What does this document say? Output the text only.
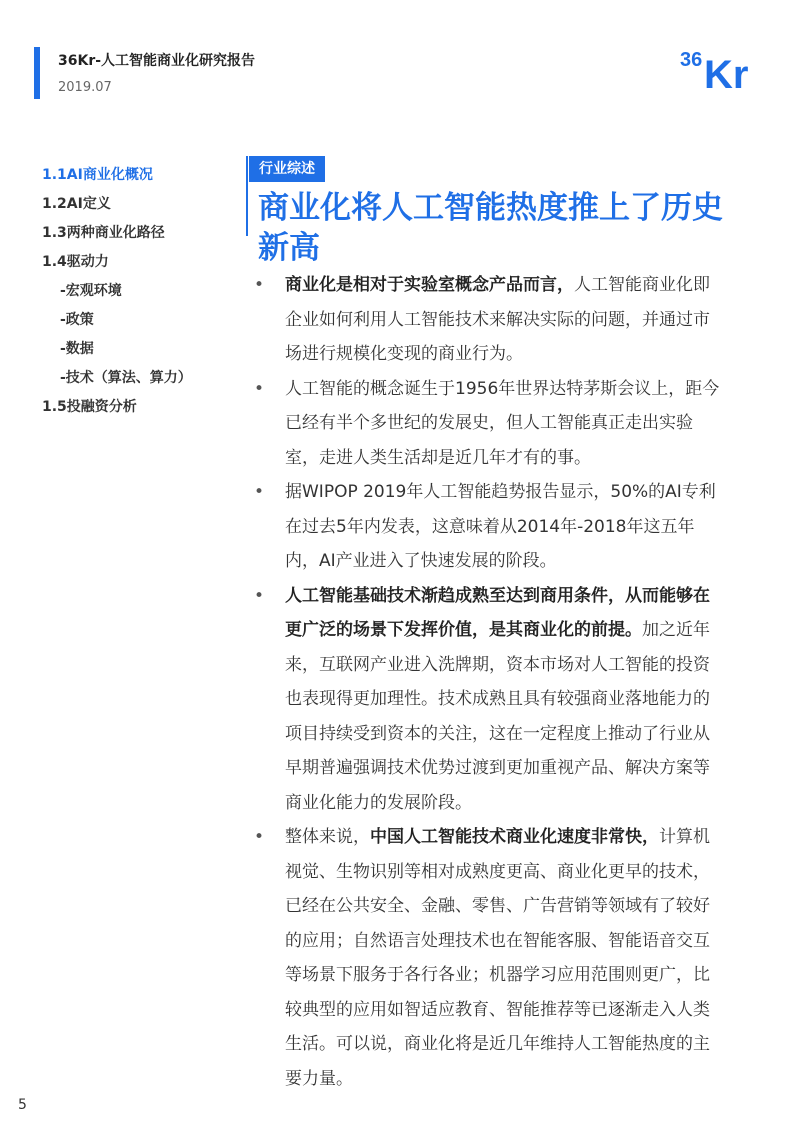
36Kr-人工智能商业化研究报告
2019.07
36 Kr
1.1AI商业化概况
1.2AI定义
1.3两种商业化路径
1.4驱动力
-宏观环境
-政策
-数据
-技术（算法、算力）
1.5投融资分析
行业综述
商业化将人工智能热度推上了历史新高
• 商业化是相对于实验室概念产品而言，人工智能商业化即企业如何利用人工智能技术来解决实际的问题，并通过市场进行规模化变现的商业行为。
• 人工智能的概念诞生于1956年世界达特茅斯会议上，距今已经有半个多世纪的发展史，但人工智能真正走出实验室，走进人类生活却是近几年才有的事。
• 据WIPOP 2019年人工智能趋势报告显示，50%的AI专利在过去5年内发表，这意味着从2014年-2018年这五年内，AI产业进入了快速发展的阶段。
• 人工智能基础技术渐趋成熟至达到商用条件，从而能够在更广泛的场景下发挥价值，是其商业化的前提。加之近年来，互联网产业进入洗牌期，资本市场对人工智能的投资也表现得更加理性。技术成熟且具有较强商业落地能力的项目持续受到资本的关注，这在一定程度上推动了行业从早期普遍强调技术优势过渡到更加重视产品、解决方案等商业化能力的发展阶段。
• 整体来说，中国人工智能技术商业化速度非常快，计算机视觉、生物识别等相对成熟度更高、商业化更早的技术，已经在公共安全、金融、零售、广告营销等领域有了较好的应用；自然语言处理技术也在智能客服、智能语音交互等场景下服务于各行各业；机器学习应用范围则更广，比较典型的应用如智适应教育、智能推荐等已逐渐走入人类生活。可以说，商业化将是近几年维持人工智能热度的主要力量。
5
